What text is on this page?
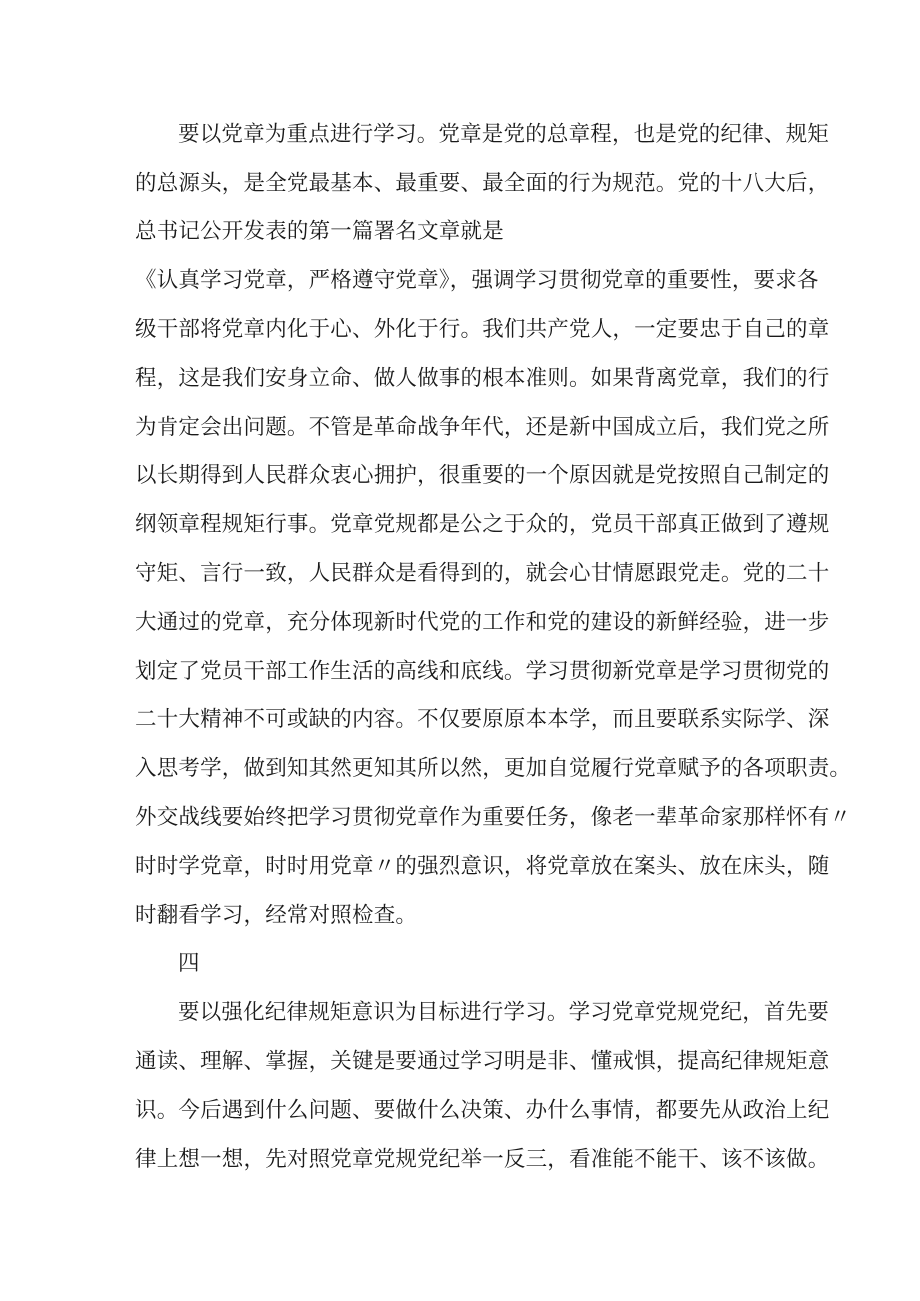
要以党章为重点进行学习。党章是党的总章程，也是党的纪律、规矩
的总源头，是全党最基本、最重要、最全面的行为规范。党的十八大后，
总书记公开发表的第一篇署名文章就是
《认真学习党章，严格遵守党章》，强调学习贯彻党章的重要性，要求各
级干部将党章内化于心、外化于行。我们共产党人，一定要忠于自己的章
程，这是我们安身立命、做人做事的根本准则。如果背离党章，我们的行
为肯定会出问题。不管是革命战争年代，还是新中国成立后，我们党之所
以长期得到人民群众衷心拥护，很重要的一个原因就是党按照自己制定的
纲领章程规矩行事。党章党规都是公之于众的，党员干部真正做到了遵规
守矩、言行一致，人民群众是看得到的，就会心甘情愿跟党走。党的二十
大通过的党章，充分体现新时代党的工作和党的建设的新鲜经验，进一步
划定了党员干部工作生活的高线和底线。学习贯彻新党章是学习贯彻党的
二十大精神不可或缺的内容。不仅要原原本本学，而且要联系实际学、深
入思考学，做到知其然更知其所以然，更加自觉履行党章赋予的各项职责。
外交战线要始终把学习贯彻党章作为重要任务，像老一辈革命家那样怀有〃
时时学党章，时时用党章〃的强烈意识，将党章放在案头、放在床头，随
时翻看学习，经常对照检查。
四
要以强化纪律规矩意识为目标进行学习。学习党章党规党纪，首先要
通读、理解、掌握，关键是要通过学习明是非、懂戒惧，提高纪律规矩意
识。今后遇到什么问题、要做什么决策、办什么事情，都要先从政治上纪
律上想一想，先对照党章党规党纪举一反三，看准能不能干、该不该做。
